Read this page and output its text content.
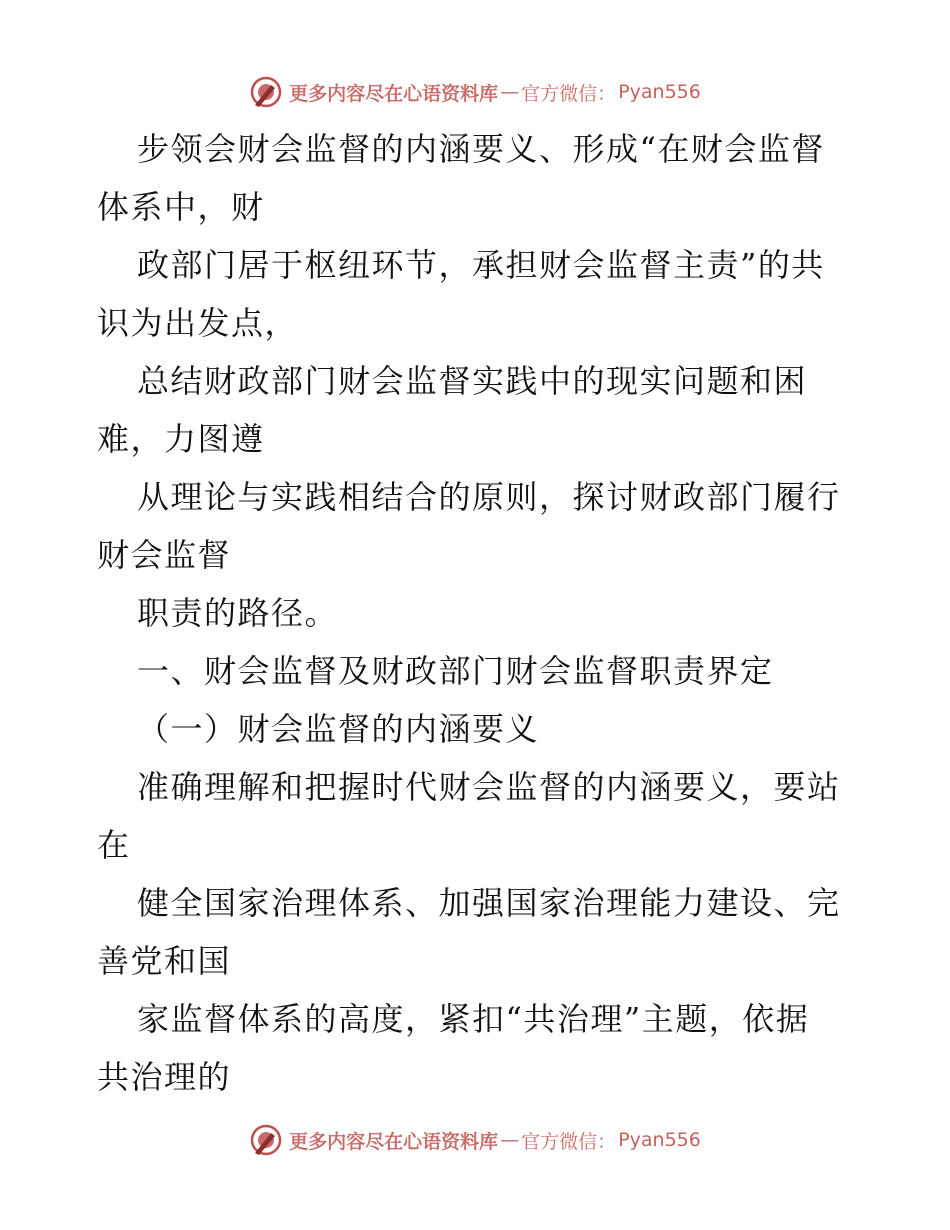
更多内容尽在心语资料库 — 官方微信： Pyan556
步领会财会监督的内涵要义、形成“在财会监督
体系中，财
政部门居于枢纽环节，承担财会监督主责”的共
识为出发点，
总结财政部门财会监督实践中的现实问题和困
难，力图遵
从理论与实践相结合的原则，探讨财政部门履行
财会监督
职责的路径。
一、财会监督及财政部门财会监督职责界定
（一）财会监督的内涵要义
准确理解和把握时代财会监督的内涵要义，要站
在
健全国家治理体系、加强国家治理能力建设、完
善党和国
家监督体系的高度，紧扣“共治理”主题，依据
共治理的
更多内容尽在心语资料库 — 官方微信： Pyan556
